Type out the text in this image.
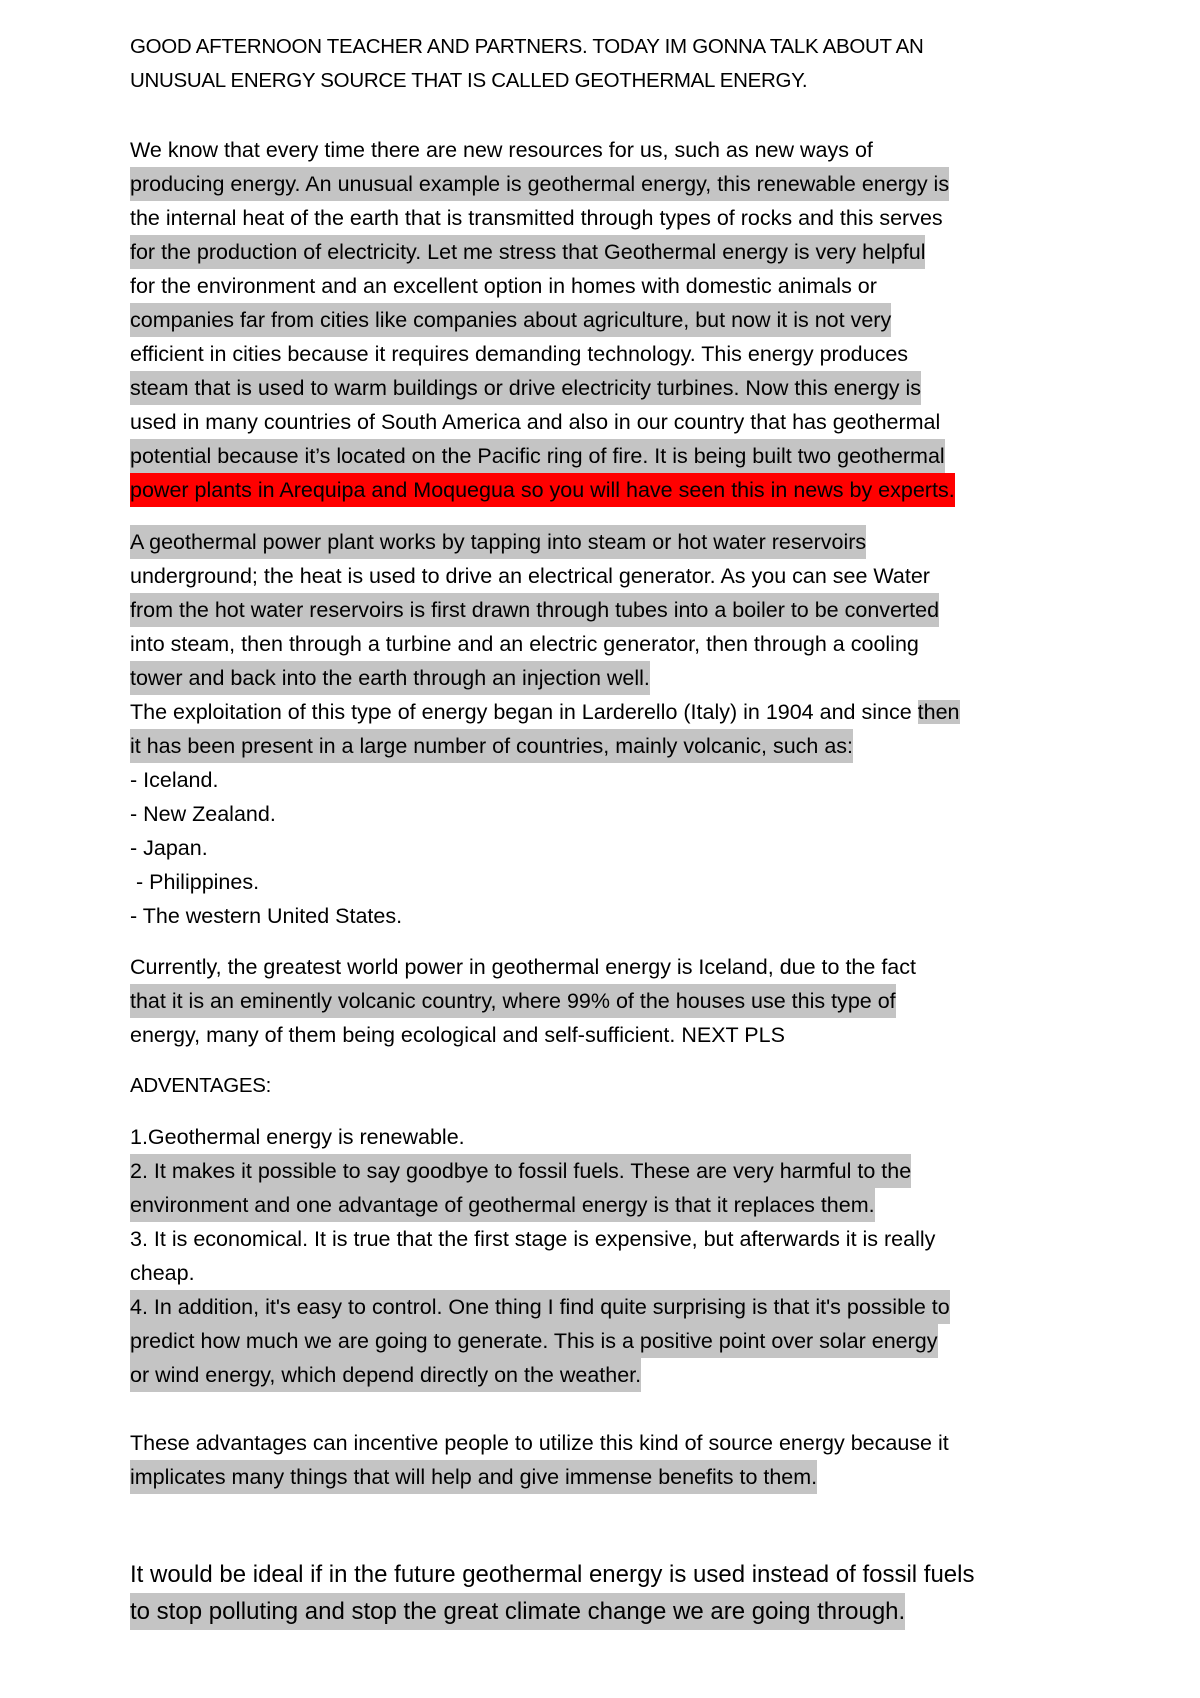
GOOD AFTERNOON TEACHER AND PARTNERS. TODAY IM GONNA TALK ABOUT AN
UNUSUAL ENERGY SOURCE THAT IS CALLED GEOTHERMAL ENERGY.
We know that every time there are new resources for us, such as new ways of
producing energy. An unusual example is geothermal energy, this renewable energy is
the internal heat of the earth that is transmitted through types of rocks and this serves
for the production of electricity. Let me stress that Geothermal energy is very helpful
for the environment and an excellent option in homes with domestic animals or
companies far from cities like companies about agriculture, but now it is not very
efficient in cities because it requires demanding technology. This energy produces
steam that is used to warm buildings or drive electricity turbines. Now this energy is
used in many countries of South America and also in our country that has geothermal
potential because it’s located on the Pacific ring of fire. It is being built two geothermal
power plants in Arequipa and Moquegua so you will have seen this in news by experts.
A geothermal power plant works by tapping into steam or hot water reservoirs
underground; the heat is used to drive an electrical generator. As you can see Water
from the hot water reservoirs is first drawn through tubes into a boiler to be converted
into steam, then through a turbine and an electric generator, then through a cooling
tower and back into the earth through an injection well.
The exploitation of this type of energy began in Larderello (Italy) in 1904 and since then
it has been present in a large number of countries, mainly volcanic, such as:
- Iceland.
- New Zealand.
- Japan.
- Philippines.
- The western United States.
Currently, the greatest world power in geothermal energy is Iceland, due to the fact
that it is an eminently volcanic country, where 99% of the houses use this type of
energy, many of them being ecological and self-sufficient. NEXT PLS
ADVENTAGES:
1.Geothermal energy is renewable.
2. It makes it possible to say goodbye to fossil fuels. These are very harmful to the
environment and one advantage of geothermal energy is that it replaces them.
3. It is economical. It is true that the first stage is expensive, but afterwards it is really
cheap.
4. In addition, it's easy to control. One thing I find quite surprising is that it's possible to
predict how much we are going to generate. This is a positive point over solar energy
or wind energy, which depend directly on the weather.
These advantages can incentive people to utilize this kind of source energy because it
implicates many things that will help and give immense benefits to them.
It would be ideal if in the future geothermal energy is used instead of fossil fuels
to stop polluting and stop the great climate change we are going through.
